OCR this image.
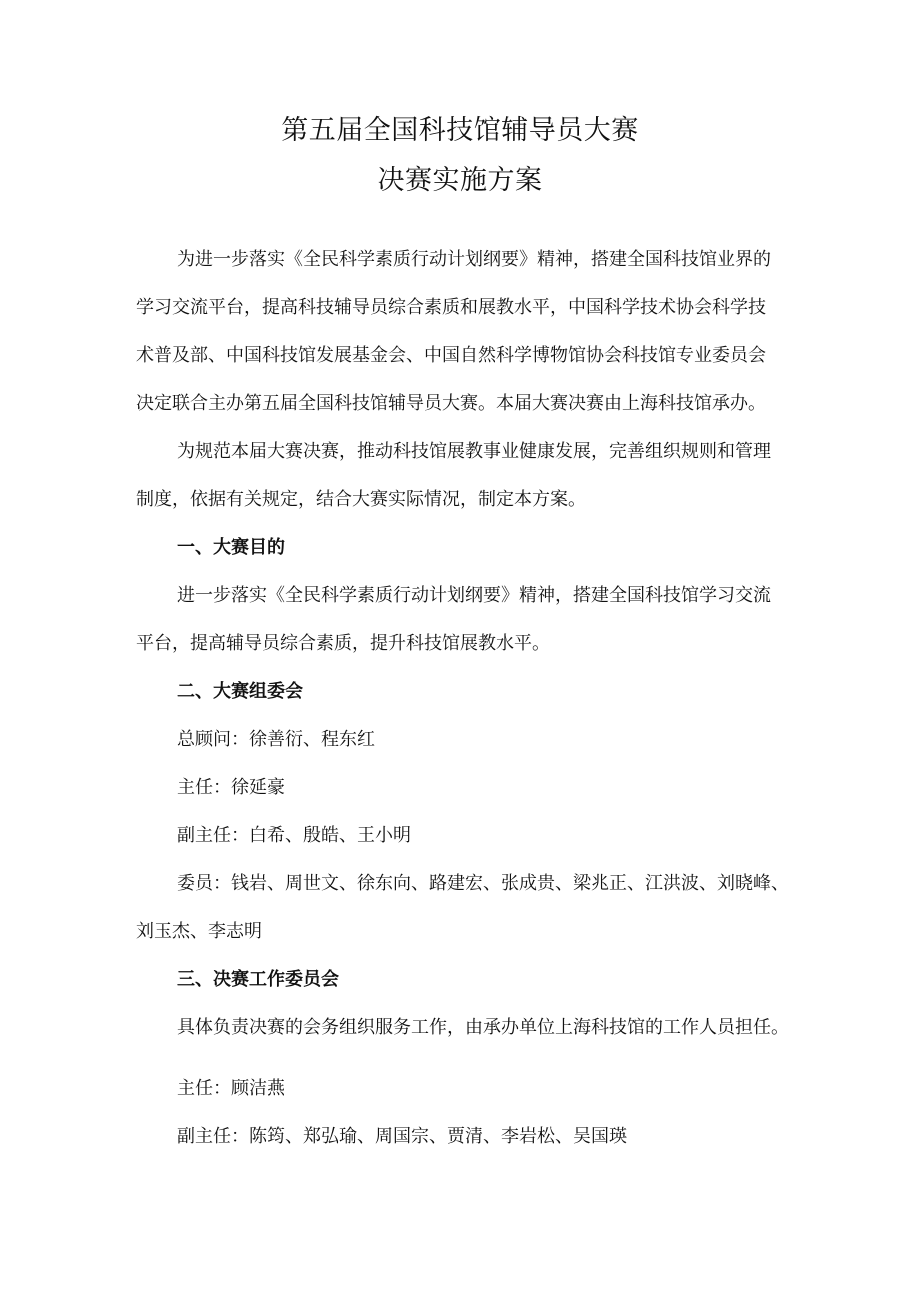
第五届全国科技馆辅导员大赛
决赛实施方案
为进一步落实《全民科学素质行动计划纲要》精神，搭建全国科技馆业界的
学习交流平台，提高科技辅导员综合素质和展教水平，中国科学技术协会科学技
术普及部、中国科技馆发展基金会、中国自然科学博物馆协会科技馆专业委员会
决定联合主办第五届全国科技馆辅导员大赛。本届大赛决赛由上海科技馆承办。
为规范本届大赛决赛，推动科技馆展教事业健康发展，完善组织规则和管理
制度，依据有关规定，结合大赛实际情况，制定本方案。
一、大赛目的
进一步落实《全民科学素质行动计划纲要》精神，搭建全国科技馆学习交流
平台，提高辅导员综合素质，提升科技馆展教水平。
二、大赛组委会
总顾问：徐善衍、程东红
主任：徐延豪
副主任：白希、殷皓、王小明
委员：钱岩、周世文、徐东向、路建宏、张成贵、梁兆正、江洪波、刘晓峰、
刘玉杰、李志明
三、决赛工作委员会
具体负责决赛的会务组织服务工作，由承办单位上海科技馆的工作人员担任。
主任：顾洁燕
副主任：陈筠、郑弘瑜、周国宗、贾清、李岩松、吴国瑛
